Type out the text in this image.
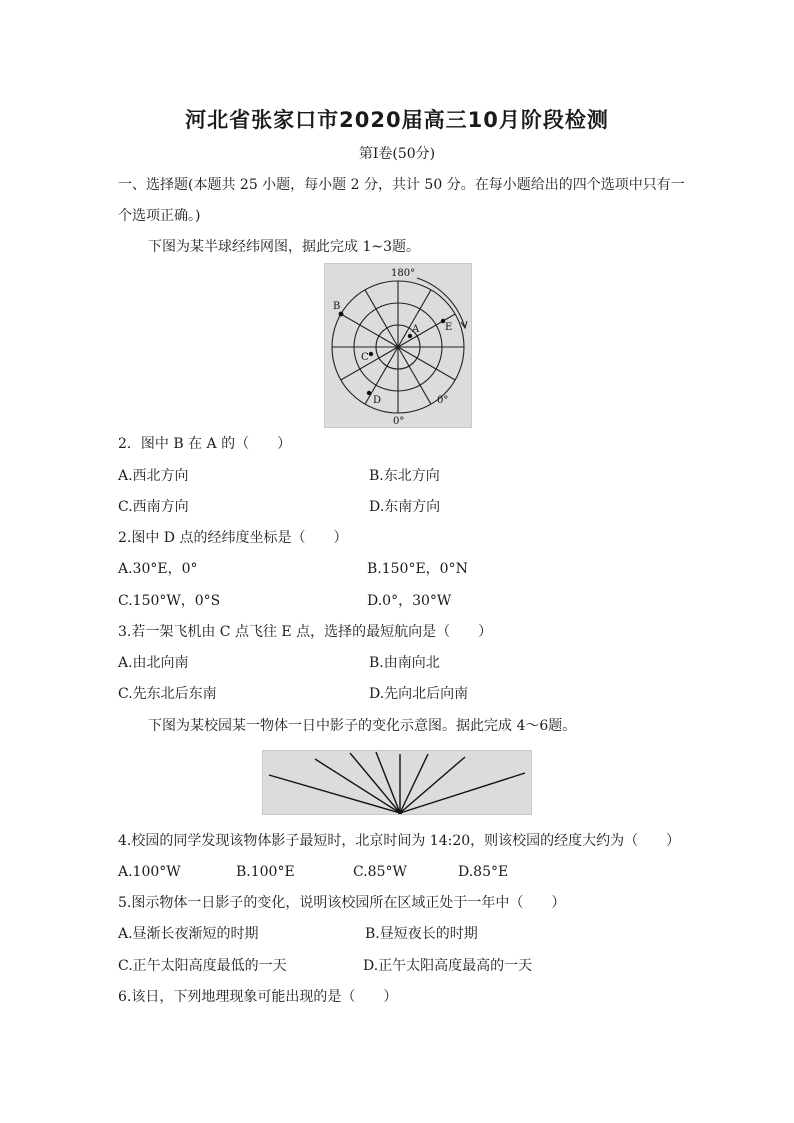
河北省张家口市2020届高三10月阶段检测
第Ⅰ卷(50分)
一、选择题(本题共 25 小题，每小题 2 分，共计 50 分。在每小题给出的四个选项中只有一
个选项正确。)
下图为某半球经纬网图，据此完成 1~3题。
180°
B
A
C
D
E
0°
0°
2．图中 B 在 A 的（　　）
A.西北方向	B.东北方向
C.西南方向	D.东南方向
2.图中 D 点的经纬度坐标是（　　）
A.30°E，0°	B.150°E，0°N
C.150°W，0°S	D.0°，30°W
3.若一架飞机由 C 点飞往 E 点，选择的最短航向是（　　）
A.由北向南	B.由南向北
C.先东北后东南	D.先向北后向南
下图为某校园某一物体一日中影子的变化示意图。据此完成 4～6题。
4.校园的同学发现该物体影子最短时，北京时间为 14:20，则该校园的经度大约为（　　）
A.100°W	B.100°E	C.85°W	D.85°E
5.图示物体一日影子的变化，说明该校园所在区域正处于一年中（　　）
A.昼渐长夜渐短的时期	B.昼短夜长的时期
C.正午太阳高度最低的一天	D.正午太阳高度最高的一天
6.该日，下列地理现象可能出现的是（　　）
